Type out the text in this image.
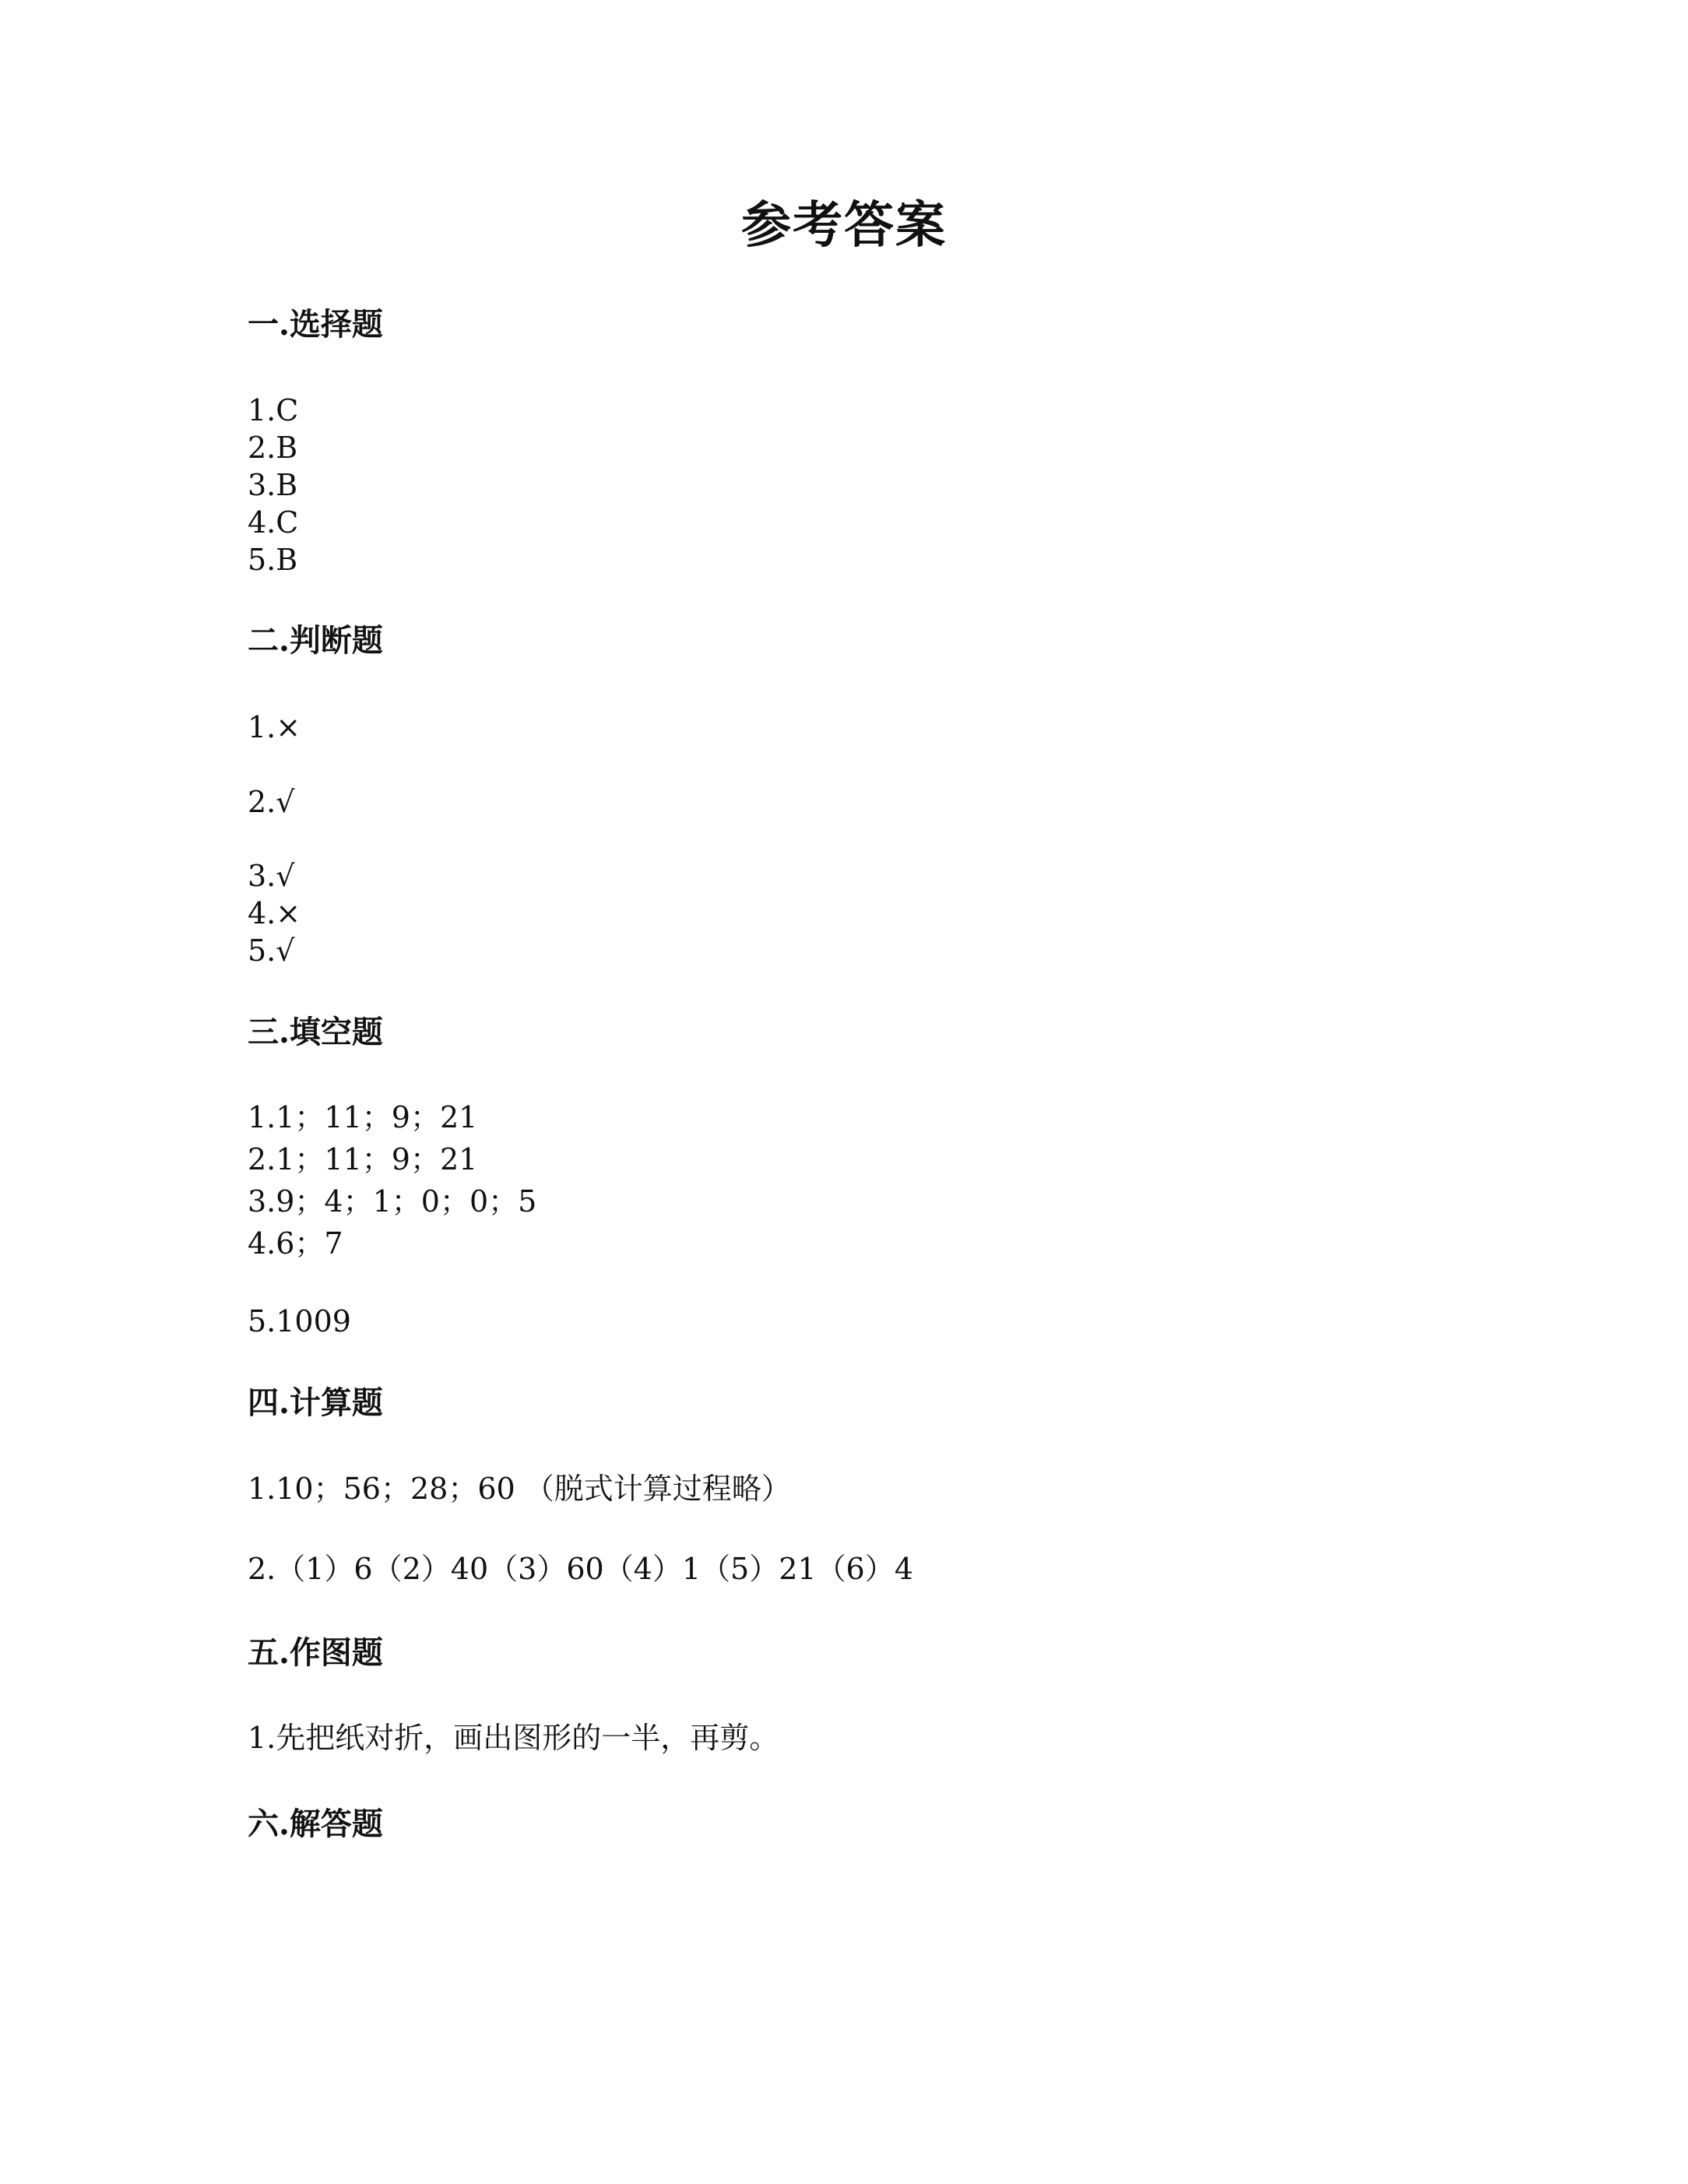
参考答案
一.选择题
1.C
2.B
3.B
4.C
5.B
二.判断题
1.×
2.√
3.√
4.×
5.√
三.填空题
1.1；11；9；21
2.1；11；9；21
3.9；4；1；0；0；5
4.6；7
5.1009
四.计算题
1.10；56；28；60 （脱式计算过程略）
2.（1）6（2）40（3）60（4）1（5）21（6）4
五.作图题
1.先把纸对折，画出图形的一半，再剪。
六.解答题
